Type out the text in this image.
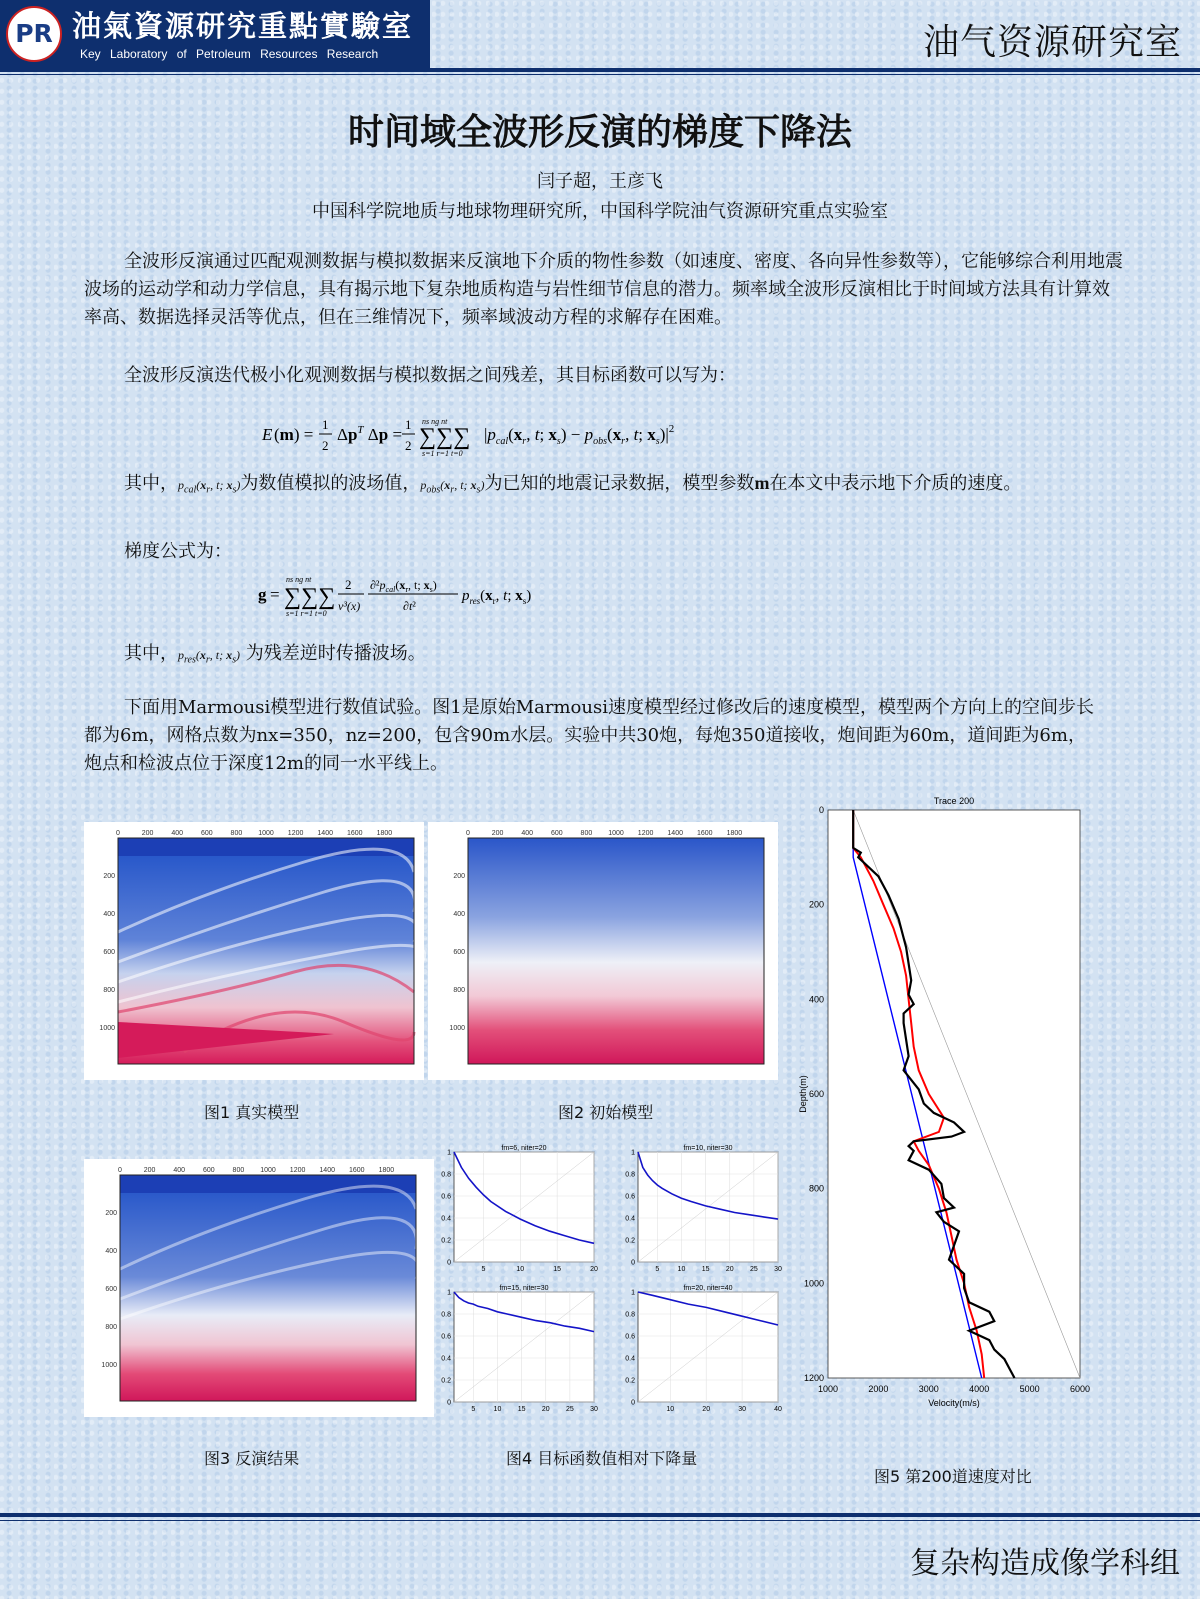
PR 油氣資源研究重點實驗室
Key Laboratory of Petroleum Resources Research	油气资源研究室
时间域全波形反演的梯度下降法
闫子超，王彦飞
中国科学院地质与地球物理研究所，中国科学院油气资源研究重点实验室
全波形反演通过匹配观测数据与模拟数据来反演地下介质的物性参数（如速度、密度、各向异性参数等），它能够综合利用地震波场的运动学和动力学信息，具有揭示地下复杂地质构造与岩性细节信息的潜力。频率域全波形反演相比于时间域方法具有计算效率高、数据选择灵活等优点，但在三维情况下，频率域波动方程的求解存在困难。
全波形反演迭代极小化观测数据与模拟数据之间残差，其目标函数可以写为：
E (m) =
1
2
$\Delta p^T$ Δp =
1
2 ∑∑∑
ns ng nt
s=1 r=1 t=0
$|p_{cal}(x_r$, t; $x_s) - p_{obs}(x_r$, t; $x_s)|^2$
其中，$p_{cal}(x_r$, t; $x_s$)为数值模拟的波场值，$p_{obs}(x_r$, t; $x_s$)为已知的地震记录数据，模型参数m在本文中表示地下介质的速度。
梯度公式为：
g = ∑∑∑
ns ng nt
s=1 r=1 t=0
2
v³(x)
$\partial^2p_{cal}(x_r$, t; $x_s$)
∂t²
$p_{res}(x_r$, t; $x_s$)
其中，$p_{res}(x_r$, t; $x_s$) 为残差逆时传播波场。
下面用Marmousi模型进行数值试验。图1是原始Marmousi速度模型经过修改后的速度模型，模型两个方向上的空间步长都为6m，网格点数为nx=350，nz=200，包含90m水层。实验中共30炮，每炮350道接收，炮间距为60m，道间距为6m，炮点和检波点位于深度12m的同一水平线上。
0	200	400	600	800 1000 1200 1400 1600 1800
200
400
600
800
1000
0	200	400	600	800 1000 1200 1400 1600 1800
200
400
600
800
1000
图1 真实模型	图2 初始模型
0	200	400	600	800 1000 1200 1400 1600 1800
200
400
600
800
1000
fm=6, niter=20
0
0.2
0.4
0.6
0.8
1
5	10	15	20
fm=10, niter=30
0
0.2
0.4
0.6
0.8
1
5	10 15 20 25 30
fm=15, niter=30
0
0.2
0.4
0.6
0.8
1
5	10 15 20 25 30
fm=20, niter=40
0
0.2
0.4
0.6
0.8
1
10	20	30	40
图3 反演结果	图4 目标函数值相对下降量
Trace 200
1000	2000	3000	4000	5000	6000
0
200
400
600
800
1000
1200
Velocity(m/s)
Depth(m)
图5 第200道速度对比
复杂构造成像学科组
